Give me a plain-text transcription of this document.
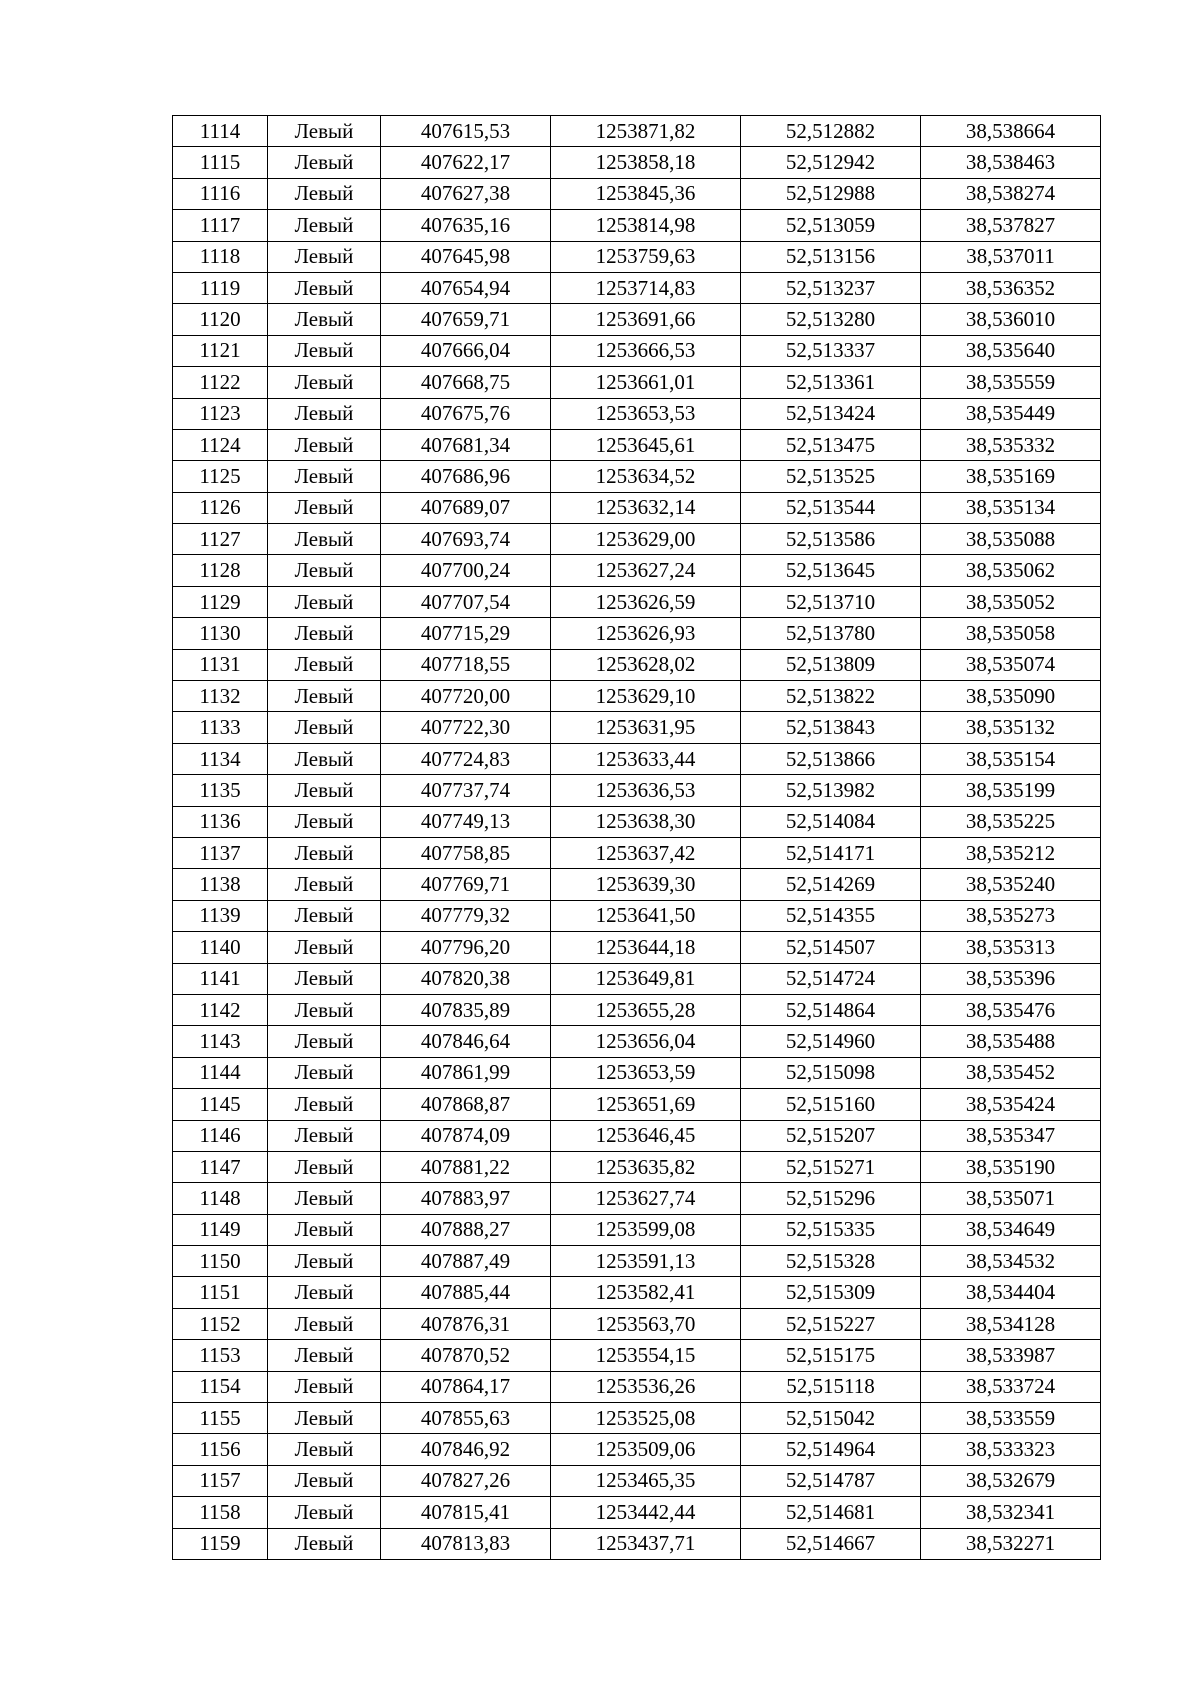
1114	Левый	407615,53	1253871,82	52,512882	38,538664
1115	Левый	407622,17	1253858,18	52,512942	38,538463
1116	Левый	407627,38	1253845,36	52,512988	38,538274
1117	Левый	407635,16	1253814,98	52,513059	38,537827
1118	Левый	407645,98	1253759,63	52,513156	38,537011
1119	Левый	407654,94	1253714,83	52,513237	38,536352
1120	Левый	407659,71	1253691,66	52,513280	38,536010
1121	Левый	407666,04	1253666,53	52,513337	38,535640
1122	Левый	407668,75	1253661,01	52,513361	38,535559
1123	Левый	407675,76	1253653,53	52,513424	38,535449
1124	Левый	407681,34	1253645,61	52,513475	38,535332
1125	Левый	407686,96	1253634,52	52,513525	38,535169
1126	Левый	407689,07	1253632,14	52,513544	38,535134
1127	Левый	407693,74	1253629,00	52,513586	38,535088
1128	Левый	407700,24	1253627,24	52,513645	38,535062
1129	Левый	407707,54	1253626,59	52,513710	38,535052
1130	Левый	407715,29	1253626,93	52,513780	38,535058
1131	Левый	407718,55	1253628,02	52,513809	38,535074
1132	Левый	407720,00	1253629,10	52,513822	38,535090
1133	Левый	407722,30	1253631,95	52,513843	38,535132
1134	Левый	407724,83	1253633,44	52,513866	38,535154
1135	Левый	407737,74	1253636,53	52,513982	38,535199
1136	Левый	407749,13	1253638,30	52,514084	38,535225
1137	Левый	407758,85	1253637,42	52,514171	38,535212
1138	Левый	407769,71	1253639,30	52,514269	38,535240
1139	Левый	407779,32	1253641,50	52,514355	38,535273
1140	Левый	407796,20	1253644,18	52,514507	38,535313
1141	Левый	407820,38	1253649,81	52,514724	38,535396
1142	Левый	407835,89	1253655,28	52,514864	38,535476
1143	Левый	407846,64	1253656,04	52,514960	38,535488
1144	Левый	407861,99	1253653,59	52,515098	38,535452
1145	Левый	407868,87	1253651,69	52,515160	38,535424
1146	Левый	407874,09	1253646,45	52,515207	38,535347
1147	Левый	407881,22	1253635,82	52,515271	38,535190
1148	Левый	407883,97	1253627,74	52,515296	38,535071
1149	Левый	407888,27	1253599,08	52,515335	38,534649
1150	Левый	407887,49	1253591,13	52,515328	38,534532
1151	Левый	407885,44	1253582,41	52,515309	38,534404
1152	Левый	407876,31	1253563,70	52,515227	38,534128
1153	Левый	407870,52	1253554,15	52,515175	38,533987
1154	Левый	407864,17	1253536,26	52,515118	38,533724
1155	Левый	407855,63	1253525,08	52,515042	38,533559
1156	Левый	407846,92	1253509,06	52,514964	38,533323
1157	Левый	407827,26	1253465,35	52,514787	38,532679
1158	Левый	407815,41	1253442,44	52,514681	38,532341
1159	Левый	407813,83	1253437,71	52,514667	38,532271
